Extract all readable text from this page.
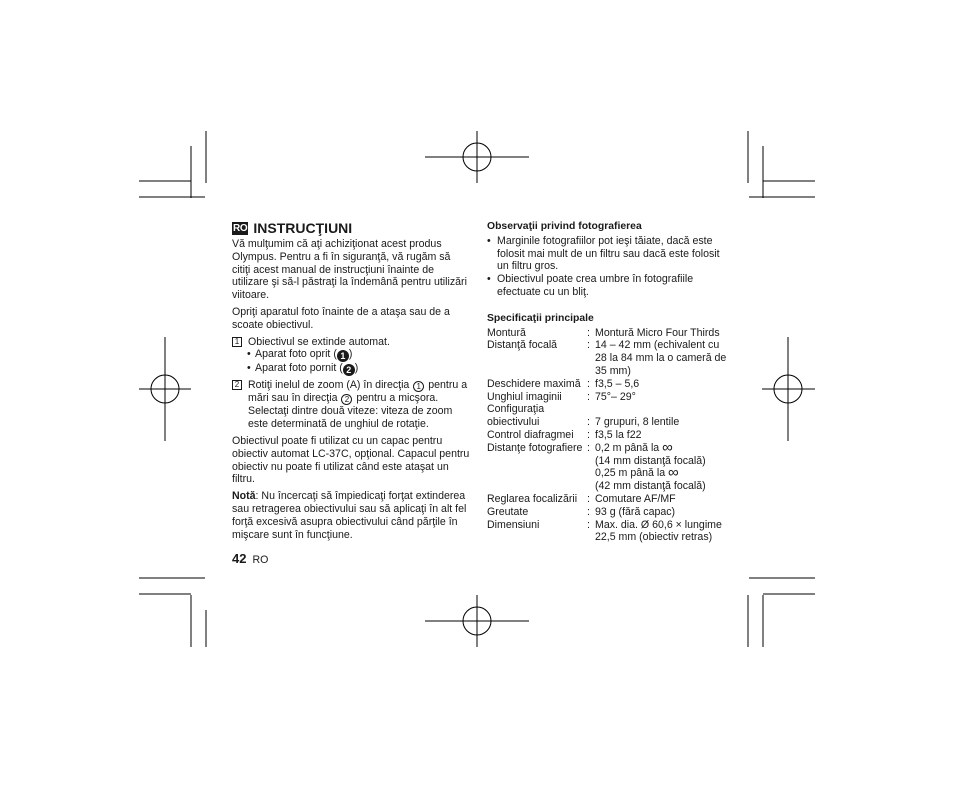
RO INSTRUCŢIUNI

Vă mulţumim că aţi achiziţionat acest produs Olympus. Pentru a fi în siguranţă, vă rugăm să citiţi acest manual de instrucţiuni înainte de utilizare şi să-l păstraţi la îndemână pentru utilizări viitoare.

Opriţi aparatul foto înainte de a ataşa sau de a scoate obiectivul.

1 Obiectivul se extinde automat.
• Aparat foto oprit ( 1 )
• Aparat foto pornit ( 2 )
2 Rotiţi inelul de zoom (A) în direcţia 1 pentru a mări sau în direcţia 2 pentru a micşora. Selectaţi dintre două viteze: viteza de zoom este determinată de unghiul de rotaţie.

Obiectivul poate fi utilizat cu un capac pentru obiectiv automat LC-37C, opţional. Capacul pentru obiectiv nu poate fi utilizat când este ataşat un filtru.

Notă: Nu încercaţi să împiedicaţi forţat extinderea sau retragerea obiectivului sau să aplicaţi în alt fel forţă excesivă asupra obiectivului când părţile în mişcare sunt în funcţiune.

Observaţii privind fotografierea
• Marginile fotografiilor pot ieşi tăiate, dacă este folosit mai mult de un filtru sau dacă este folosit un filtru gros.
• Obiectivul poate crea umbre în fotografiile efectuate cu un bliţ.
Specificaţii principale
Montură	: Montură Micro Four Thirds
Distanţă focală	: 14 – 42 mm (echivalent cu 28 la 84 mm la o cameră de 35 mm)
Deschidere maximă : f3,5 – 5,6
Unghiul imaginii	: 75°– 29°
Configuraţia obiectivului	: 7 grupuri, 8 lentile
Control diafragmei	: f3,5 la f22
Distanţe fotografiere : 0,2 m până la ∞
(14 mm distanţă focală)
0,25 m până la ∞
(42 mm distanţă focală)
Reglarea focalizării : Comutare AF/MF
Greutate	: 93 g (fără capac)
Dimensiuni	: Max. dia. Ø 60,6 × lungime 22,5 mm (obiectiv retras)
42 RO
